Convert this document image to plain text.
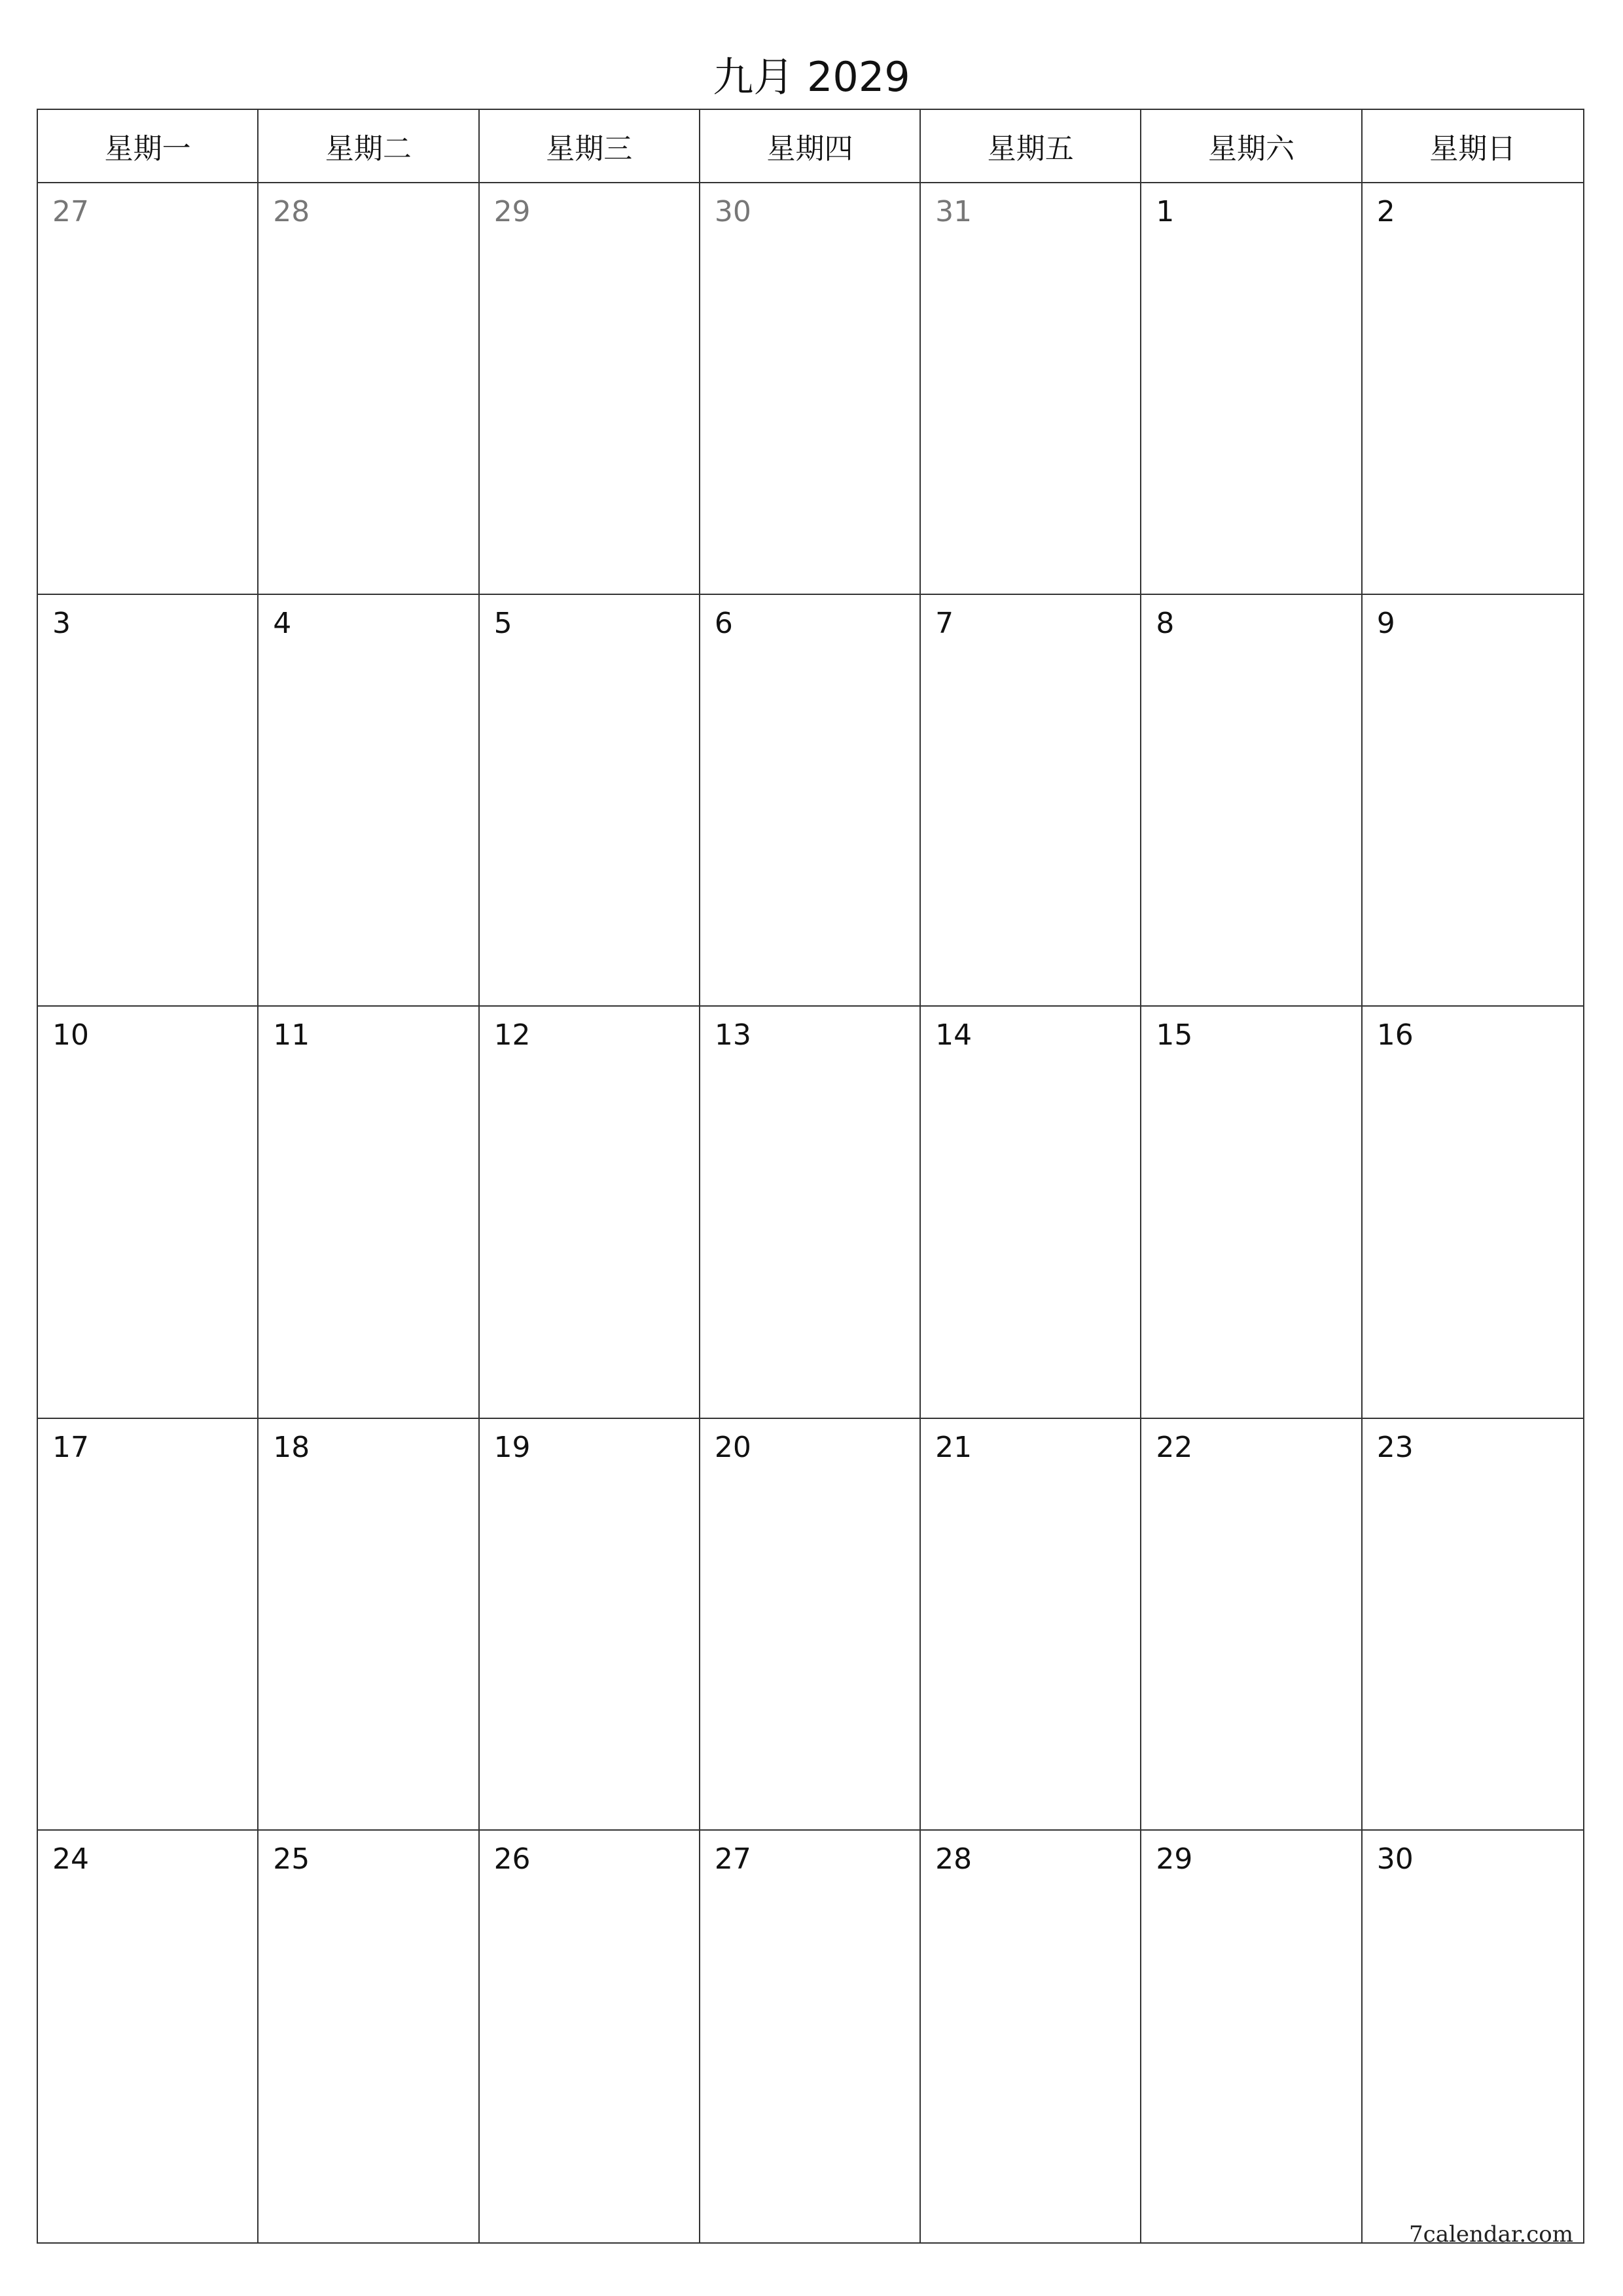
九月 2029
星期一	星期二	星期三	星期四	星期五	星期六	星期日
27	28	29	30	31	1	2
3	4	5	6	7	8	9
10	11	12	13	14	15	16
17	18	19	20	21	22	23
24	25	26	27	28	29	30
7calendar.com
